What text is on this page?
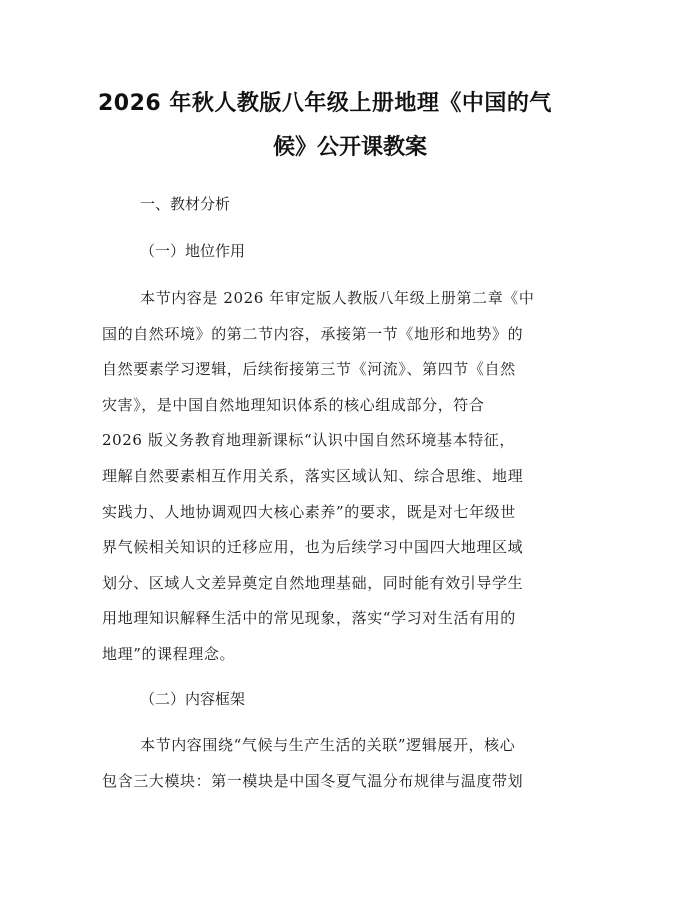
2026 年秋人教版八年级上册地理《中国的气
候》公开课教案

一、教材分析

（一）地位作用

本节内容是 2026 年审定版人教版八年级上册第二章《中
国的自然环境》的第二节内容，承接第一节《地形和地势》的
自然要素学习逻辑，后续衔接第三节《河流》、第四节《自然
灾害》，是中国自然地理知识体系的核心组成部分，符合
2026 版义务教育地理新课标“认识中国自然环境基本特征，
理解自然要素相互作用关系，落实区域认知、综合思维、地理
实践力、人地协调观四大核心素养”的要求，既是对七年级世
界气候相关知识的迁移应用，也为后续学习中国四大地理区域
划分、区域人文差异奠定自然地理基础，同时能有效引导学生
用地理知识解释生活中的常见现象，落实“学习对生活有用的
地理”的课程理念。

（二）内容框架

本节内容围绕“气候与生产生活的关联”逻辑展开，核心
包含三大模块：第一模块是中国冬夏气温分布规律与温度带划
